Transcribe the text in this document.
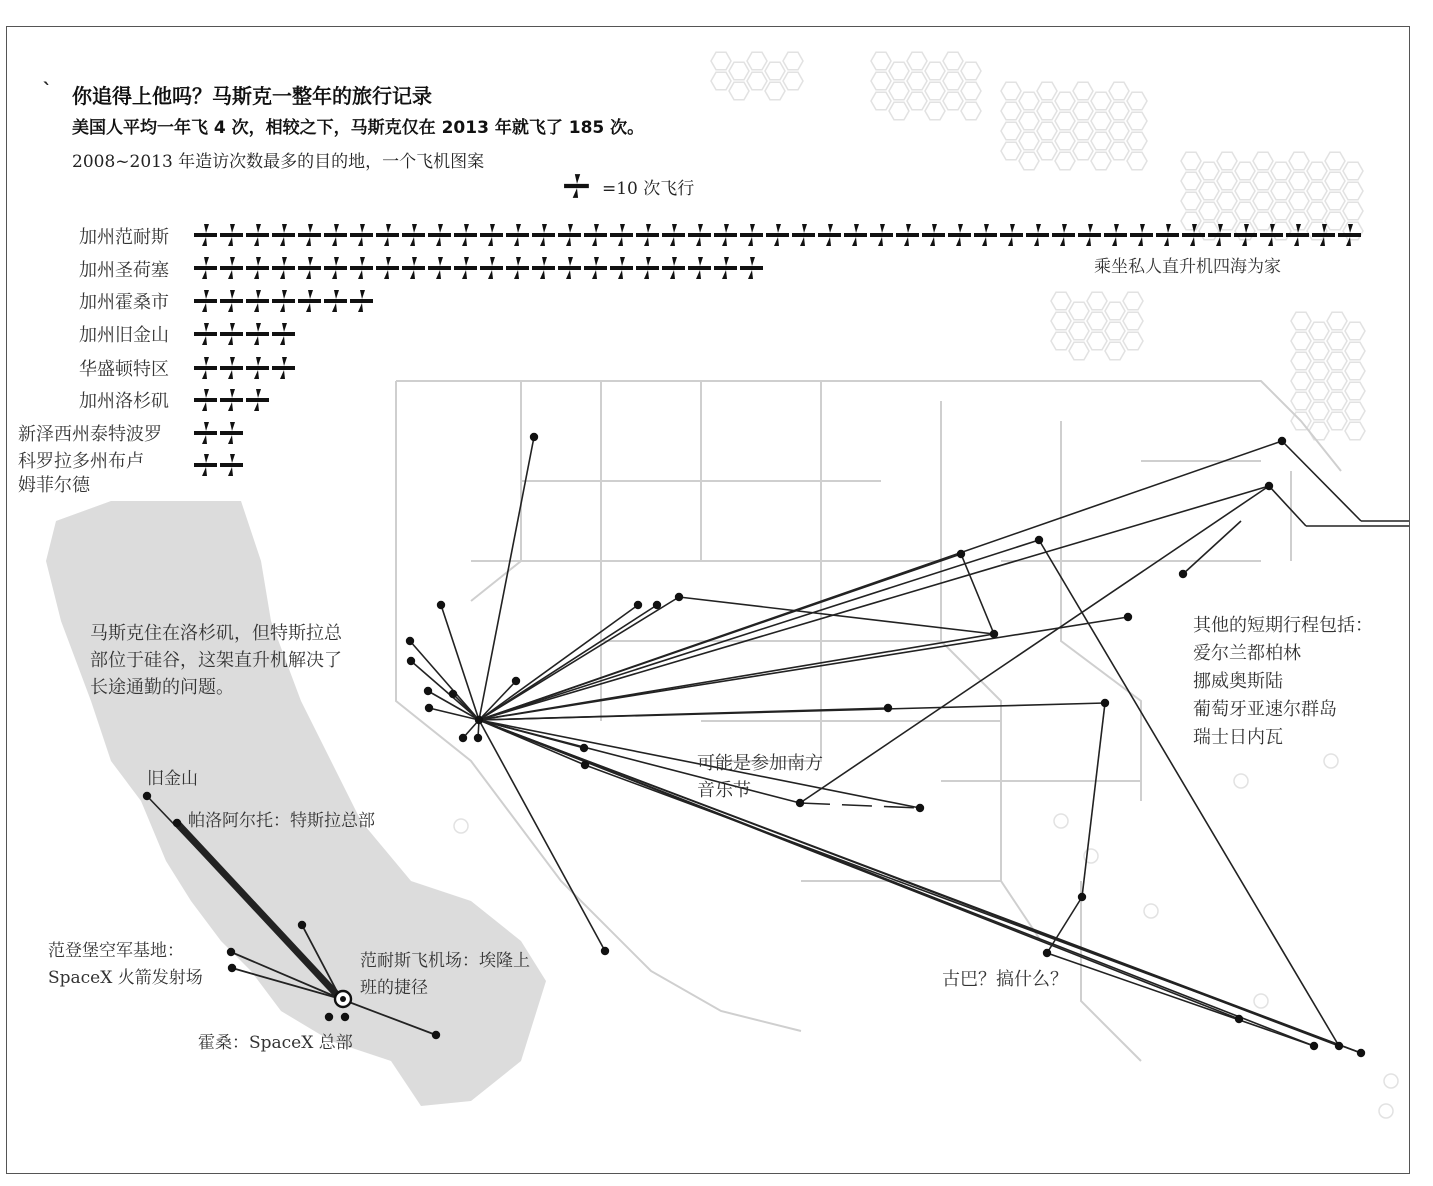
` 你追得上他吗？马斯克一整年的旅行记录
美国人平均一年飞 4 次，相较之下，马斯克仅在 2013 年就飞了 185 次。
2008~2013 年造访次数最多的目的地，一个飞机图案
=10 次飞行
加州范耐斯
加州圣荷塞
加州霍桑市
加州旧金山
华盛顿特区
加州洛杉矶
新泽西州泰特波罗
科罗拉多州布卢
姆菲尔德
乘坐私人直升机四海为家
马斯克住在洛杉矶，但特斯拉总
部位于硅谷，这架直升机解决了
长途通勤的问题。
其他的短期行程包括：
爱尔兰都柏林
挪威奥斯陆
葡萄牙亚速尔群岛
瑞士日内瓦
可能是参加南方
音乐节
古巴？搞什么？
旧金山
帕洛阿尔托：特斯拉总部
范登堡空军基地：
SpaceX 火箭发射场
范耐斯飞机场：埃隆上
班的捷径
霍桑：SpaceX 总部
